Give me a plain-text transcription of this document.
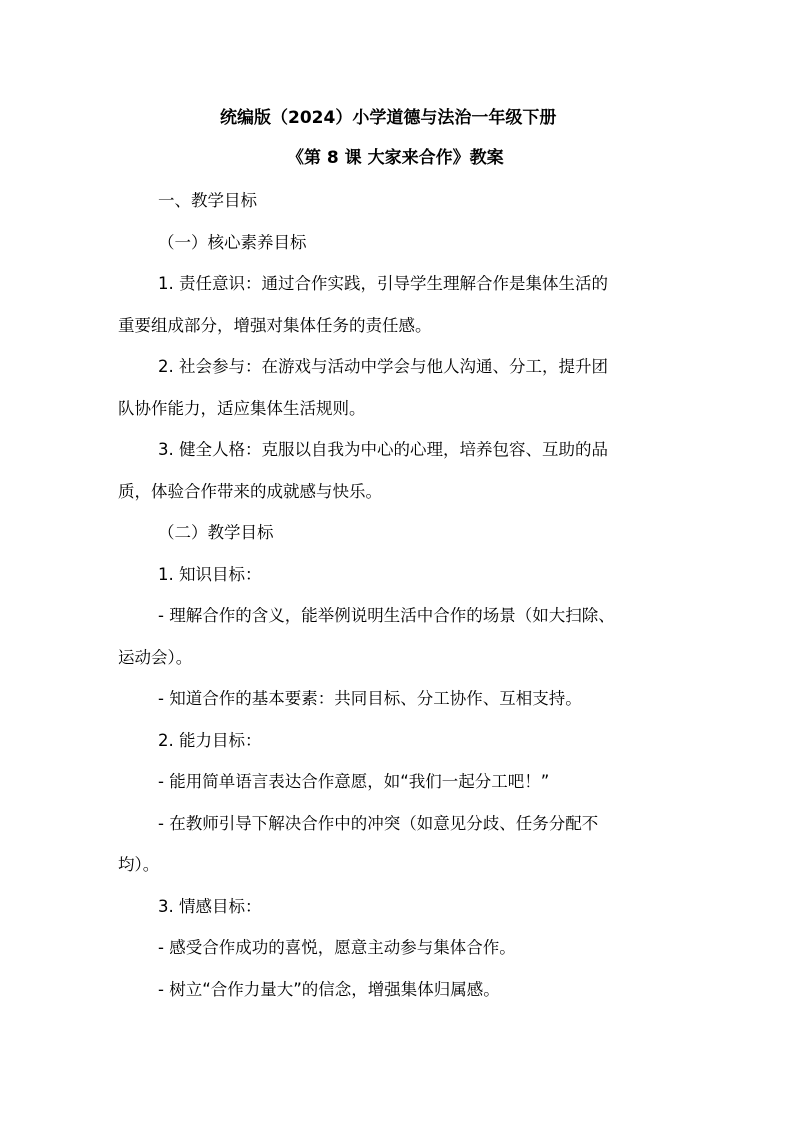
统编版（2024）小学道德与法治一年级下册
《第 8 课 大家来合作》教案
一、教学目标
（一）核心素养目标
1. 责任意识：通过合作实践，引导学生理解合作是集体生活的
重要组成部分，增强对集体任务的责任感。
2. 社会参与：在游戏与活动中学会与他人沟通、分工，提升团
队协作能力，适应集体生活规则。
3. 健全人格：克服以自我为中心的心理，培养包容、互助的品
质，体验合作带来的成就感与快乐。
（二）教学目标
1. 知识目标：
- 理解合作的含义，能举例说明生活中合作的场景（如大扫除、
运动会）。
- 知道合作的基本要素：共同目标、分工协作、互相支持。
2. 能力目标：
- 能用简单语言表达合作意愿，如“我们一起分工吧！”
- 在教师引导下解决合作中的冲突（如意见分歧、任务分配不
均）。
3. 情感目标：
- 感受合作成功的喜悦，愿意主动参与集体合作。
- 树立“合作力量大”的信念，增强集体归属感。
